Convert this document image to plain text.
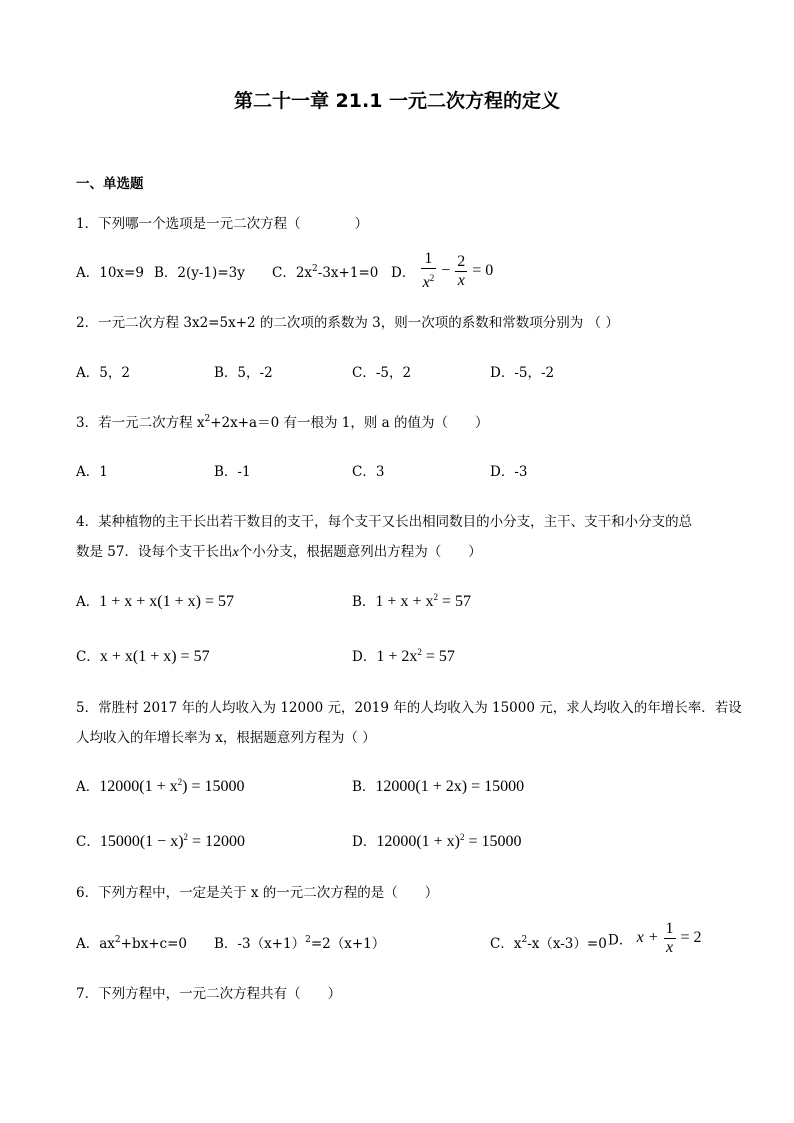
第二十一章 21.1 一元二次方程的定义
一、单选题
1．下列哪一个选项是一元二次方程（　　　　）
A．10x=9 B．2(y-1)=3y C．$2x^2-3x+1=0$ D． $\frac{1}{x^2} - \frac{2}{x} = 0$
2．一元二次方程 3x2=5x+2 的二次项的系数为 3，则一次项的系数和常数项分别为 （ ）
A．5，2	B．5，-2	C．-5，2	D．-5，-2
3．若一元二次方程 $x^2+2x+a=0$ 有一根为 1，则 a 的值为（　　）
A．1	B．-1	C．3	D．-3
4．某种植物的主干长出若干数目的支干，每个支干又长出相同数目的小分支，主干、支干和小分支的总
数是 57．设每个支干长出x个小分支，根据题意列出方程为（　　）
A．1 + x + x(1 + x) = 57	B．$1 + x + x^2 = 57$
C．x + x(1 + x) = 57	D．$1 + 2x^2 = 57$
5．常胜村 2017 年的人均收入为 12000 元，2019 年的人均收入为 15000 元，求人均收入的年增长率．若设
人均收入的年增长率为 x，根据题意列方程为（ ）
A．$12000(1 + x^2) = 15000$	B．12000(1 + 2x) = 15000
C．$15000(1 - x)^2 = 12000$	D．$12000(1 + x)^2 = 15000$
6．下列方程中，一定是关于 x 的一元二次方程的是（　　）
A．$ax^2+bx+c=0$ B．$-3(x+1)^2=2(x+1)$	C．$x^2-x(x-3)=0$ D． $x + \frac{1}{x} = 2$
7．下列方程中，一元二次方程共有（　　）
